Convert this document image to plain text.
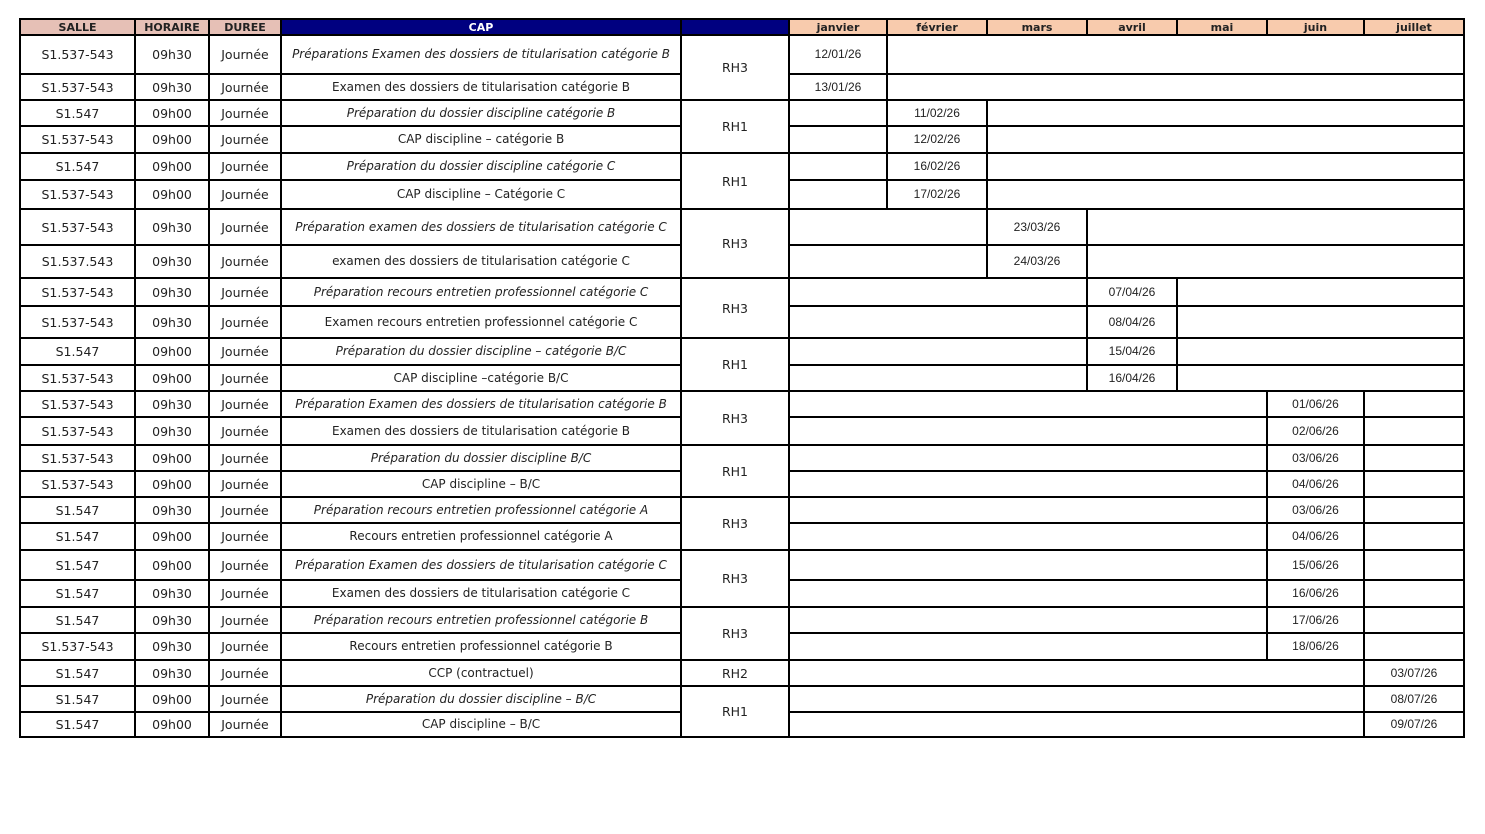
SALLE	HORAIRE	DUREE	CAP		janvier	février	mars	avril	mai	juin	juillet
S1.537-543	09h30	Journée	Préparations Examen des dossiers de titularisation catégorie B	RH3	12/01/26						
S1.537-543	09h30	Journée	Examen des dossiers de titularisation catégorie B		13/01/26						
S1.547	09h00	Journée	Préparation du dossier discipline catégorie B	RH1		11/02/26					
S1.537-543	09h00	Journée	CAP discipline – catégorie B			12/02/26					
S1.547	09h00	Journée	Préparation du dossier discipline catégorie C	RH1		16/02/26					
S1.537-543	09h00	Journée	CAP discipline – Catégorie C			17/02/26					
S1.537-543	09h30	Journée	Préparation examen des dossiers de titularisation catégorie C	RH3			23/03/26				
S1.537.543	09h30	Journée	examen des dossiers de titularisation catégorie C				24/03/26				
S1.537-543	09h30	Journée	Préparation recours entretien professionnel catégorie C	RH3				07/04/26			
S1.537-543	09h30	Journée	Examen recours entretien professionnel catégorie C					08/04/26			
S1.547	09h00	Journée	Préparation du dossier discipline – catégorie B/C	RH1				15/04/26			
S1.537-543	09h00	Journée	CAP discipline –catégorie B/C					16/04/26			
S1.537-543	09h30	Journée	Préparation Examen des dossiers de titularisation catégorie B	RH3						01/06/26	
S1.537-543	09h30	Journée	Examen des dossiers de titularisation catégorie B							02/06/26	
S1.537-543	09h00	Journée	Préparation du dossier discipline B/C	RH1						03/06/26	
S1.537-543	09h00	Journée	CAP discipline – B/C							04/06/26	
S1.547	09h30	Journée	Préparation recours entretien professionnel catégorie A	RH3						03/06/26	
S1.547	09h00	Journée	Recours entretien professionnel catégorie A							04/06/26	
S1.547	09h00	Journée	Préparation Examen des dossiers de titularisation catégorie C	RH3						15/06/26	
S1.547	09h30	Journée	Examen des dossiers de titularisation catégorie C							16/06/26	
S1.547	09h30	Journée	Préparation recours entretien professionnel catégorie B	RH3						17/06/26	
S1.537-543	09h30	Journée	Recours entretien professionnel catégorie B							18/06/26	
S1.547	09h30	Journée	CCP (contractuel)	RH2							03/07/26
S1.547	09h00	Journée	Préparation du dossier discipline – B/C	RH1							08/07/26
S1.547	09h00	Journée	CAP discipline – B/C								09/07/26
